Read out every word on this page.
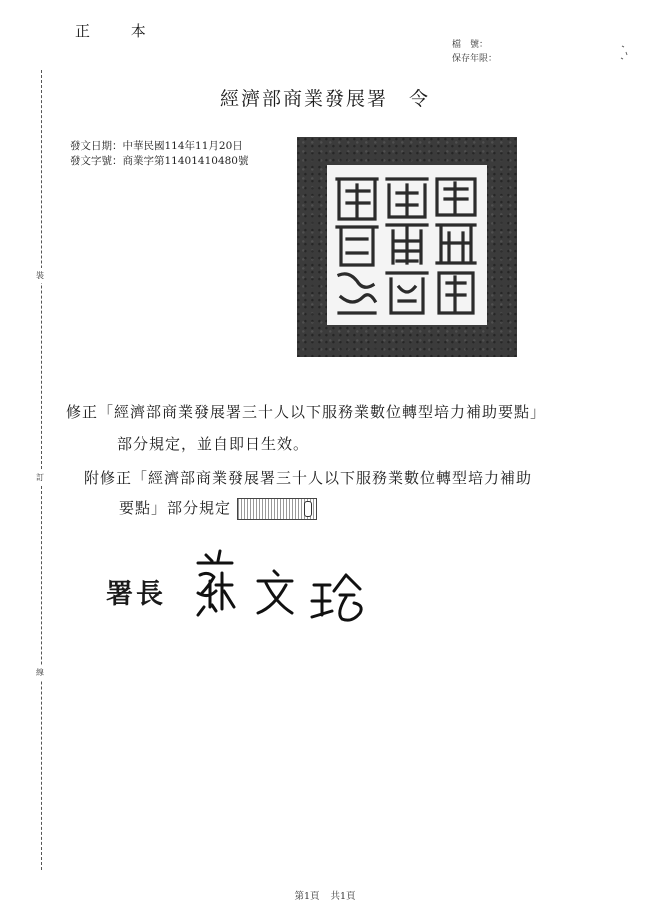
正 本
檔　號：
保存年限：
經濟部商業發展署　令
發文日期：中華民國114年11月20日
發文字號：商業字第11401410480號
裝
訂
線
修正「經濟部商業發展署三十人以下服務業數位轉型培力補助要點」
部分規定，並自即日生效。
附修正「經濟部商業發展署三十人以下服務業數位轉型培力補助
要點」部分規定
署長
第1頁 共1頁
